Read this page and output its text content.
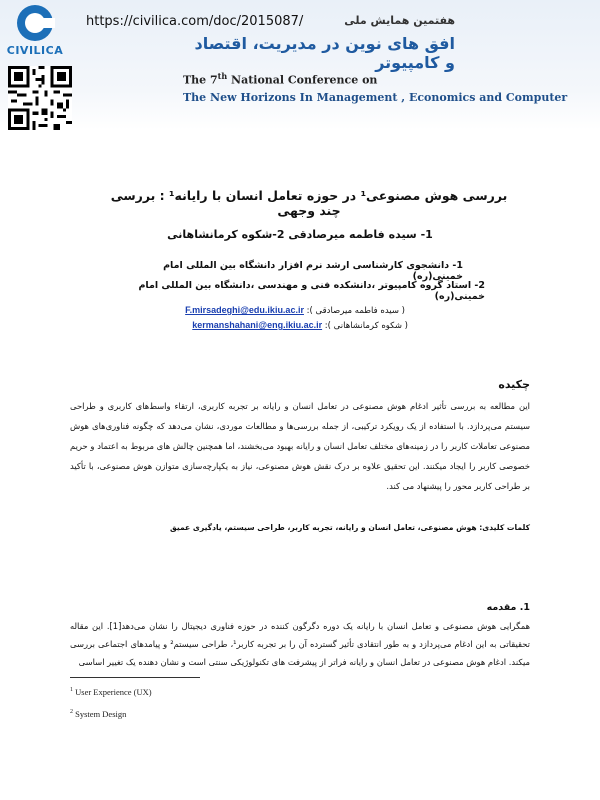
CIVILICA
https://civilica.com/doc/2015087/	هفتمین همایش ملی
افق های نوین در مدیریت، اقتصاد و کامپیوتر
The 7th National Conference on
The New Horizons In Management , Economics and Computer
بررسی هوش مصنوعی¹ در حوزه تعامل انسان با رایانه¹ : بررسی چند وجهی
1- سیده فاطمه میرصادقی 2-شکوه کرمانشاهانی
1- دانشجوی کارشناسی ارشد نرم افزار دانشگاه بین المللی امام خمینی(ره)
2- استاد گروه کامپیوتر ،دانشکده فنی و مهندسی ،دانشگاه بین المللی امام خمینی(ره)
( سیده فاطمه میرصادقی ): F.mirsadeghi@edu.ikiu.ac.ir
( شکوه کرمانشاهانی ): kermanshahani@eng.ikiu.ac.ir
چکیده
این مطالعه به بررسی تأثیر ادغام هوش مصنوعی در تعامل انسان و رایانه بر تجربه کاربری، ارتقاء واسط‌های کاربری و طراحی سیستم می‌پردازد. با استفاده از یک رویکرد ترکیبی، از جمله بررسی‌ها و مطالعات موردی، نشان می‌دهد که چگونه فناوری‌های هوش مصنوعی تعاملات کاربر را در زمینه‌های مختلف تعامل انسان و رایانه بهبود می‌بخشند، اما همچنین چالش های مربوط به اعتماد و حریم خصوصی کاربر را ایجاد میکنند. این تحقیق علاوه بر درک نقش هوش مصنوعی، نیاز به یکپارچه‌سازی متوازن هوش مصنوعی، با تأکید بر طراحی کاربر محور را پیشنهاد می کند.
کلمات کلیدی: هوش مصنوعی، تعامل انسان و رایانه، تجربه کاربر، طراحی سیستم، یادگیری عمیق
1. مقدمه
همگرایی هوش مصنوعی و تعامل انسان با رایانه یک دوره دگرگون کننده در حوزه فناوری دیجیتال را نشان می‌دهد[1]. این مقاله تحقیقاتی به این ادغام می‌پردازد و به طور انتقادی تأثیر گسترده آن را بر تجربه کاربر¹، طراحی سیستم² و پیامدهای اجتماعی بررسی میکند. ادغام هوش مصنوعی در تعامل انسان و رایانه فراتر از پیشرفت های تکنولوژیکی سنتی است و نشان دهنده یک تغییر اساسی
$^1$ User Experience (UX)
$^2$ System Design
